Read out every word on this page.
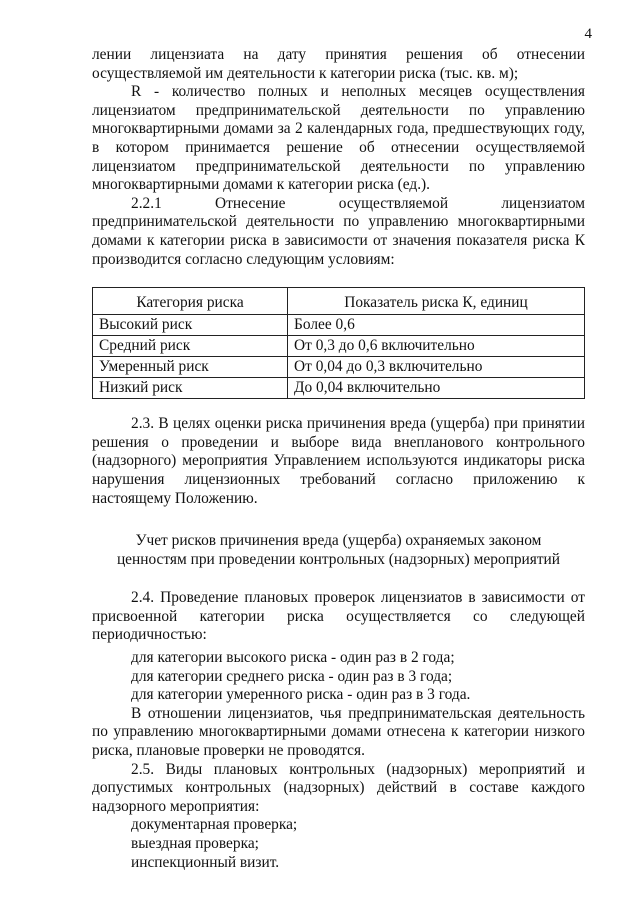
4

лении лицензиата на дату принятия решения об отнесении осуществляемой им деятельности к категории риска (тыс. кв. м);

R - количество полных и неполных месяцев осуществления лицензиатом предпринимательской деятельности по управлению многоквартирными домами за 2 календарных года, предшествующих году, в котором принимается решение об отнесении осуществляемой лицензиатом предпринимательской деятельности по управлению многоквартирными домами к категории риска (ед.).

2.2.1 Отнесение осуществляемой лицензиатом предпринимательской деятельности по управлению многоквартирными домами к категории риска в зависимости от значения показателя риска К производится согласно следующим условиям:

Категория риска	Показатель риска К, единиц
Высокий риск	Более 0,6
Средний риск	От 0,3 до 0,6 включительно
Умеренный риск	От 0,04 до 0,3 включительно
Низкий риск	До 0,04 включительно

2.3. В целях оценки риска причинения вреда (ущерба) при принятии решения о проведении и выборе вида внепланового контрольного (надзорного) мероприятия Управлением используются индикаторы риска нарушения лицензионных требований согласно приложению к настоящему Положению.

Учет рисков причинения вреда (ущерба) охраняемых законом ценностям при проведении контрольных (надзорных) мероприятий

2.4. Проведение плановых проверок лицензиатов в зависимости от присвоенной категории риска осуществляется со следующей периодичностью:

для категории высокого риска - один раз в 2 года;

для категории среднего риска - один раз в 3 года;

для категории умеренного риска - один раз в 3 года.

В отношении лицензиатов, чья предпринимательская деятельность по управлению многоквартирными домами отнесена к категории низкого риска, плановые проверки не проводятся.

2.5. Виды плановых контрольных (надзорных) мероприятий и допустимых контрольных (надзорных) действий в составе каждого надзорного мероприятия:

документарная проверка;

выездная проверка;

инспекционный визит.
